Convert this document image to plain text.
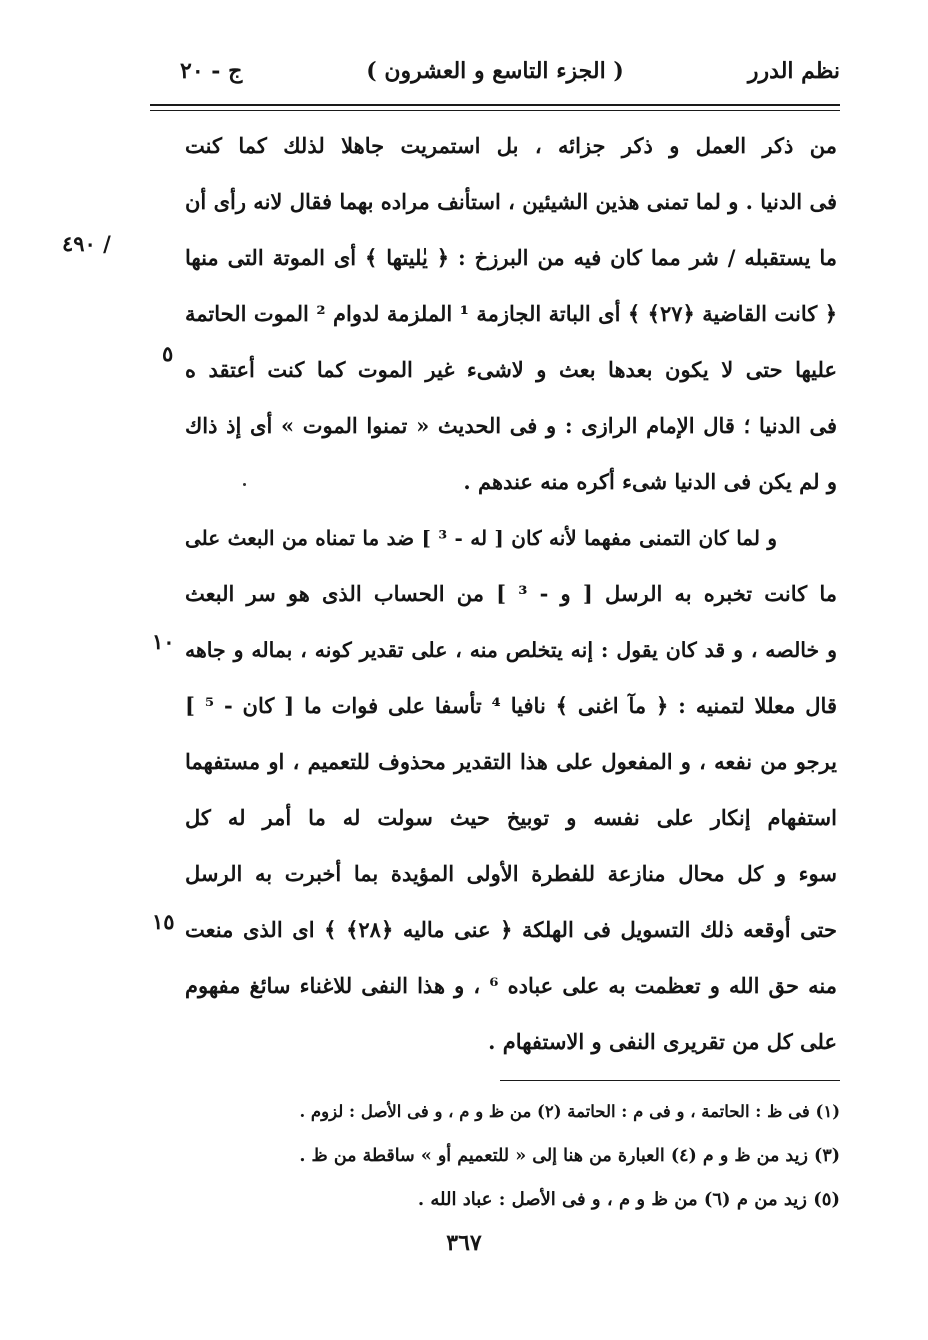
نظم الدرر
( الجزء التاسع و العشرون )
ج - ٢٠
/ ٤٩٠
٥
١٠
١٥
من ذكر العمل و ذكر جزائه ، بل استمريت جاهلا لذلك كما كنت
فى الدنيا . و لما تمنى هذين الشيئين ، استأنف مراده بهما فقال لانه رأى أن
ما يستقبله / شر مما كان فيه من البرزخ : ﴿ يٰليتها ﴾ أى الموتة التى منها
﴿ كانت القاضية ﴿٢٧﴾ ﴾ أى الباتة الجازمة ¹ الملزمة لدوام ² الموت الحاتمة
عليها حتى لا يكون بعدها بعث و لاشىء غير الموت كما كنت أعتقد ه
فى الدنيا ؛ قال الإمام الرازى : و فى الحديث « تمنوا الموت » أى إذ ذاك
و لم يكن فى الدنيا شىء أكره منه عندهم .
و لما كان التمنى مفهما لأنه كان [ له - ³ ] ضد ما تمناه من البعث على
ما كانت تخبره به الرسل [ و - ³ ] من الحساب الذى هو سر البعث
و خالصه ، و قد كان يقول : إنه يتخلص منه ، على تقدير كونه ، بماله و جاهه
قال معللا لتمنيه : ﴿ مآ اغنى ﴾ نافيا ⁴ تأسفا على فوات ما [ كان - ⁵ ]
يرجو من نفعه ، و المفعول على هذا التقدير محذوف للتعميم ، او مستفهما
استفهام إنكار على نفسه و توبيخ حيث سولت له ما أمر له كل
سوء و كل محال منازعة للفطرة الأولى المؤيدة بما أخبرت به الرسل
حتى أوقعه ذلك التسويل فى الهلكة ﴿ عنى ماليه ﴿٢٨﴾ ﴾ اى الذى منعت
منه حق الله و تعظمت به على عباده ⁶ ، و هذا النفى للاغناء سائغ مفهوم
على كل من تقريرى النفى و الاستفهام .
(١) فى ظ : الحاتمة ، و فى م : الحاتمة (٢) من ظ و م ، و فى الأصل : لزوم .
(٣) زيد من ظ و م (٤) العبارة من هنا إلى « للتعميم أو » ساقطة من ظ .
(٥) زيد من م (٦) من ظ و م ، و فى الأصل : عباد الله .
٣٦٧
